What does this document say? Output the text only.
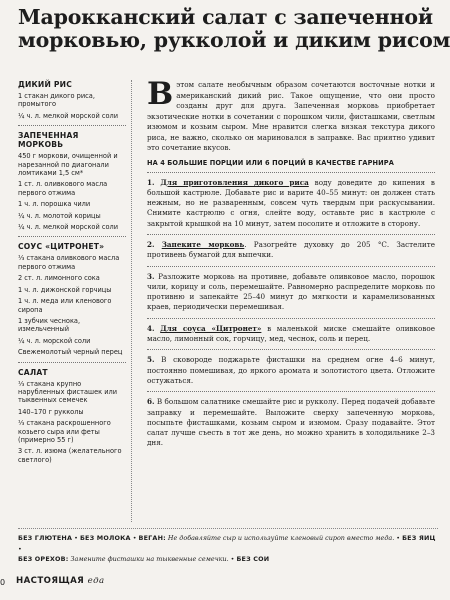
Марокканский салат с запеченной
морковью, рукколой и диким рисом
ДИКИЙ РИС
1 стакан дикого риса, промытого
¼ ч. л. мелкой морской соли
ЗАПЕЧЕННАЯ МОРКОВЬ
450 г моркови, очищенной и нарезанной по диагонали ломтиками 1,5 см*
1 ст. л. оливкового масла первого отжима
1 ч. л. порошка чили
¼ ч. л. молотой корицы
¼ ч. л. мелкой морской соли
СОУС «ЦИТРОНЕТ»
⅓ стакана оливкового масла первого отжима
2 ст. л. лимонного сока
1 ч. л. дижонской горчицы
1 ч. л. меда или кленового сиропа
1 зубчик чеснока, измельченный
¼ ч. л. морской соли
Свежемолотый черный перец
САЛАТ
⅓ стакана крупно нарубленных фисташек или тыквенных семечек
140–170 г рукколы
⅓ стакана раскрошенного козьего сыра или феты (примерно 55 г)
3 ст. л. изюма (желательного светлого)

В этом салате необычным образом сочетаются восточные нотки и американский дикий рис. Такое ощущение, что они просто созданы друг для друга. Запеченная морковь приобретает экзотические нотки в сочетании с порошком чили, фисташками, светлым изюмом и козьим сыром. Мне нравится слегка вязкая текстура дикого риса, не важно, сколько он мариновался в заправке. Вас приятно удивит это сочетание вкусов.

НА 4 БОЛЬШИЕ ПОРЦИИ ИЛИ 6 ПОРЦИЙ В КАЧЕСТВЕ ГАРНИРА

1. Для приготовления дикого риса воду доведите до кипения в большой кастрюле. Добавьте рис и варите 40–55 минут: он должен стать нежным, но не разваренным, совсем чуть твердым при раскусывании. Снимите кастрюлю с огня, слейте воду, оставьте рис в кастрюле с закрытой крышкой на 10 минут, затем посолите и отложите в сторону.

2. Запеките морковь. Разогрейте духовку до 205 °С. Застелите противень бумагой для выпечки.

3. Разложите морковь на противне, добавьте оливковое масло, порошок чили, корицу и соль, перемешайте. Равномерно распределите морковь по противню и запекайте 25–40 минут до мягкости и карамелизованных краев, периодически перемешивая.

4. Для соуса «Цитронет» в маленькой миске смешайте оливковое масло, лимонный сок, горчицу, мед, чеснок, соль и перец.

5. В сковороде поджарьте фисташки на среднем огне 4–6 минут, постоянно помешивая, до яркого аромата и золотистого цвета. Отложите остужаться.

6. В большом салатнике смешайте рис и рукколу. Перед подачей добавьте заправку и перемешайте. Выложите сверху запеченную морковь, посыпьте фисташками, козьим сыром и изюмом. Сразу подавайте. Этот салат лучше съесть в тот же день, но можно хранить в холодильнике 2–3 дня.

БЕЗ ГЛЮТЕНА • БЕЗ МОЛОКА • ВЕГАН: Не добавляйте сыр и используйте кленовый сироп вместо меда. • БЕЗ ЯИЦ •
БЕЗ ОРЕХОВ: Замените фисташки на тыквенные семечки. • БЕЗ СОИ
0 НАСТОЯЩАЯ еда
